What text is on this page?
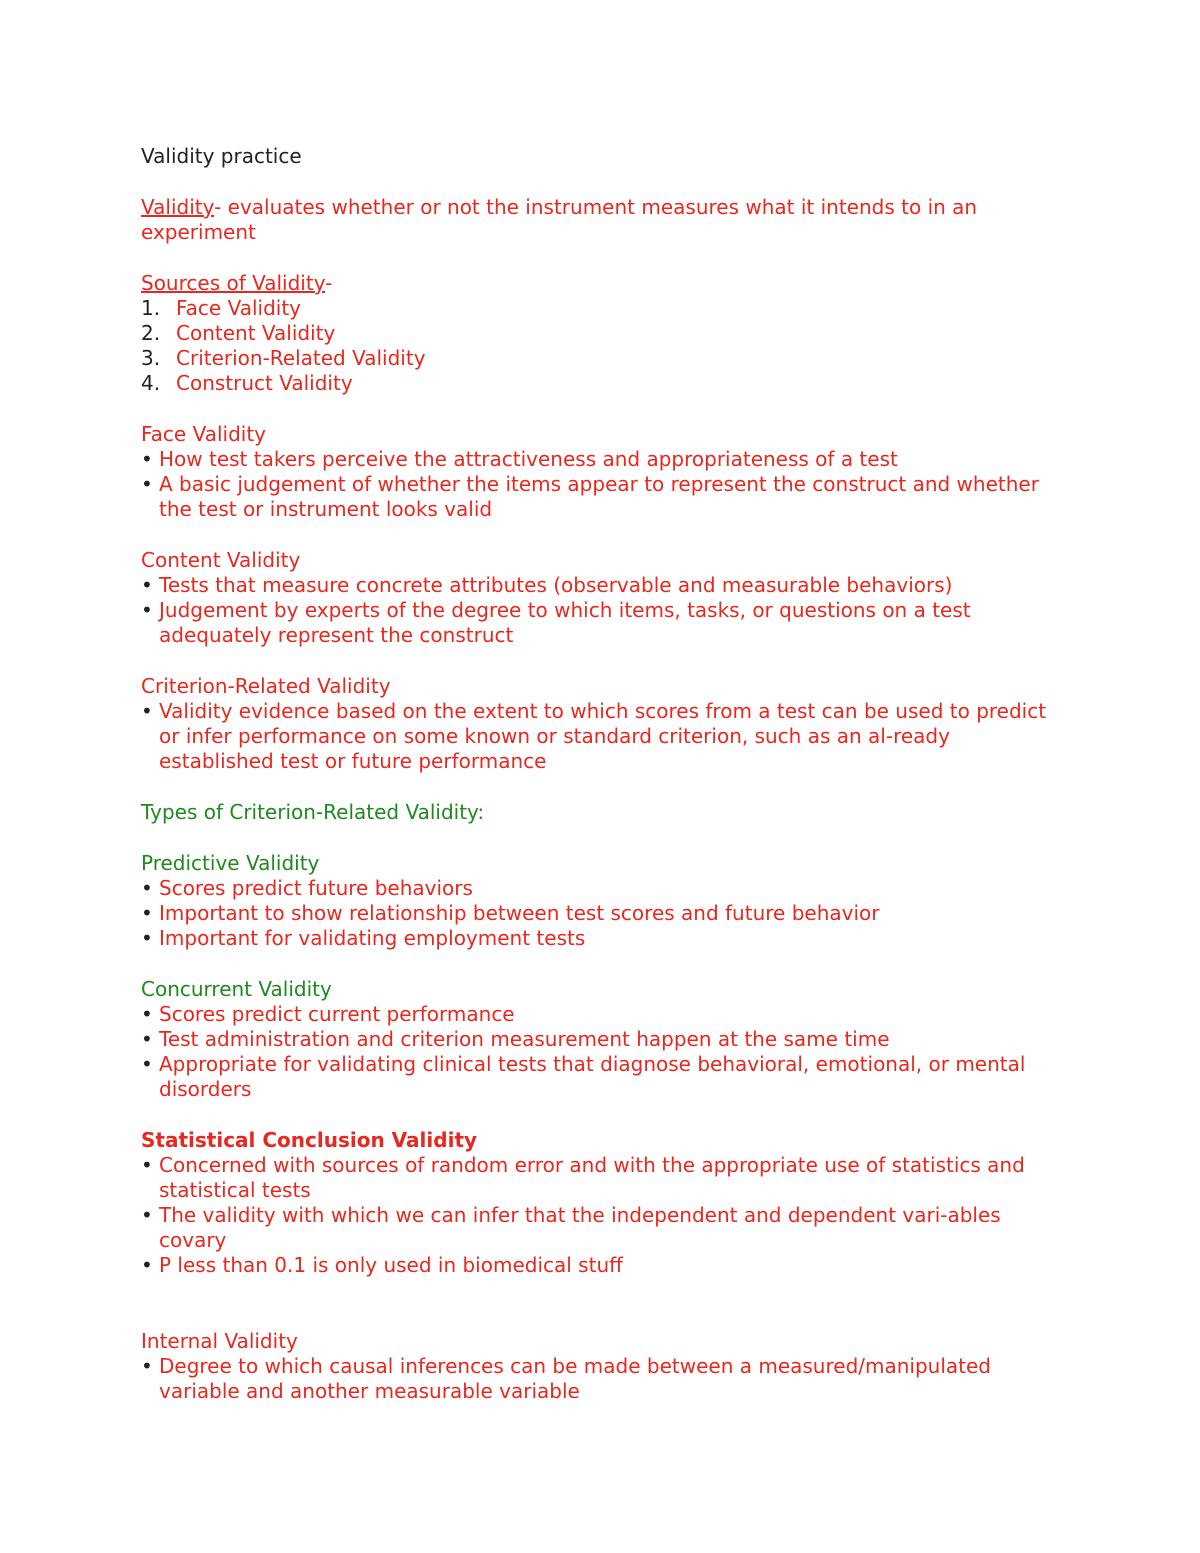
Validity practice
Validity- evaluates whether or not the instrument measures what it intends to in an experiment
Sources of Validity-
1. Face Validity
2. Content Validity
3. Criterion-Related Validity
4. Construct Validity
Face Validity
• How test takers perceive the attractiveness and appropriateness of a test
• A basic judgement of whether the items appear to represent the construct and whether the test or instrument looks valid
Content Validity
• Tests that measure concrete attributes (observable and measurable behaviors)
• Judgement by experts of the degree to which items, tasks, or questions on a test adequately represent the construct
Criterion-Related Validity
• Validity evidence based on the extent to which scores from a test can be used to predict or infer performance on some known or standard criterion, such as an al-ready established test or future performance
Types of Criterion-Related Validity:
Predictive Validity
• Scores predict future behaviors
• Important to show relationship between test scores and future behavior
• Important for validating employment tests
Concurrent Validity
• Scores predict current performance
• Test administration and criterion measurement happen at the same time
• Appropriate for validating clinical tests that diagnose behavioral, emotional, or mental disorders
Statistical Conclusion Validity
• Concerned with sources of random error and with the appropriate use of statistics and statistical tests
• The validity with which we can infer that the independent and dependent vari-ables covary
• P less than 0.1 is only used in biomedical stuff
Internal Validity
• Degree to which causal inferences can be made between a measured/manipulated variable and another measurable variable
